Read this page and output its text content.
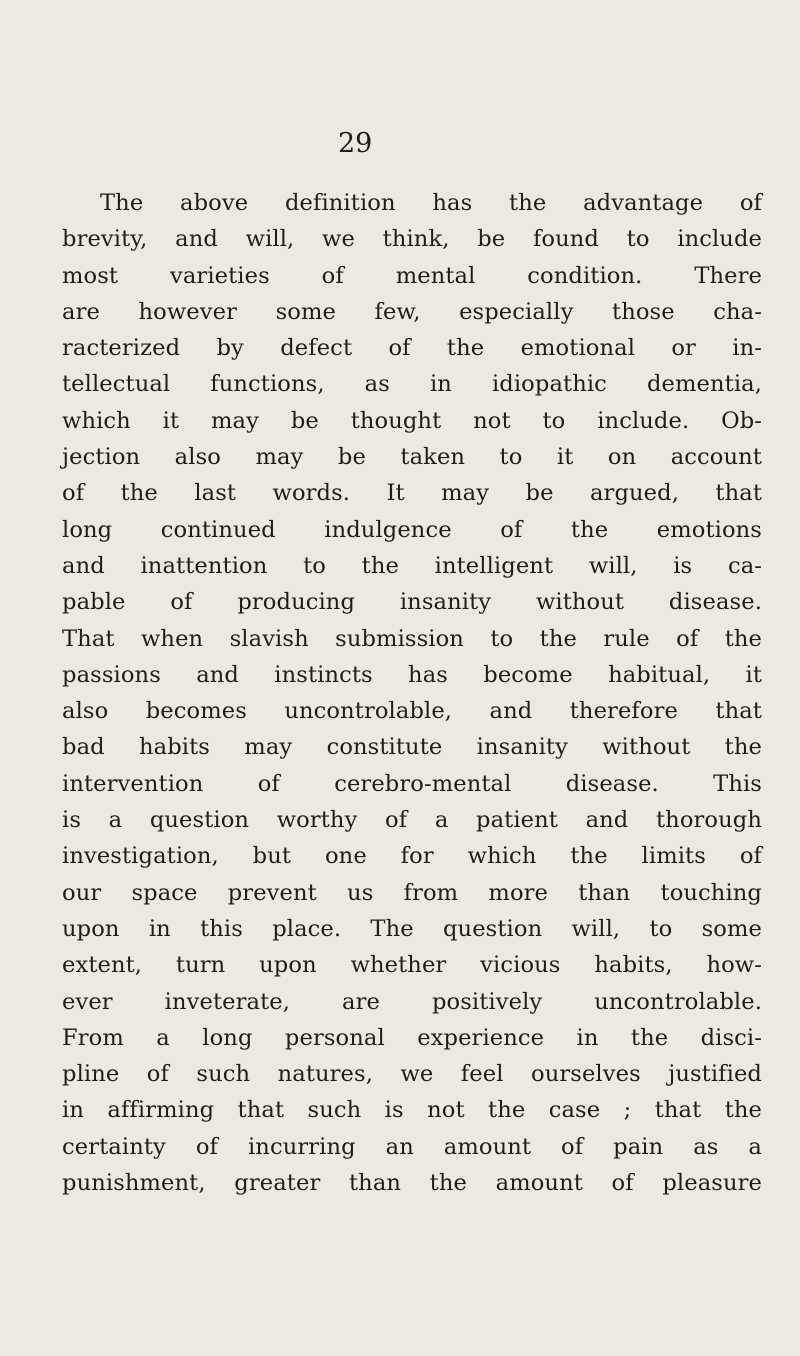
29
The above definition has the advantage of
brevity, and will, we think, be found to include
most varieties of mental condition. There
are however some few, especially those cha-
racterized by defect of the emotional or in-
tellectual functions, as in idiopathic dementia,
which it may be thought not to include. Ob-
jection also may be taken to it on account
of the last words. It may be argued, that
long continued indulgence of the emotions
and inattention to the intelligent will, is ca-
pable of producing insanity without disease.
That when slavish submission to the rule of the
passions and instincts has become habitual, it
also becomes uncontrolable, and therefore that
bad habits may constitute insanity without the
intervention of cerebro-mental disease. This
is a question worthy of a patient and thorough
investigation, but one for which the limits of
our space prevent us from more than touching
upon in this place. The question will, to some
extent, turn upon whether vicious habits, how-
ever inveterate, are positively uncontrolable.
From a long personal experience in the disci-
pline of such natures, we feel ourselves justified
in affirming that such is not the case ; that the
certainty of incurring an amount of pain as a
punishment, greater than the amount of pleasure
